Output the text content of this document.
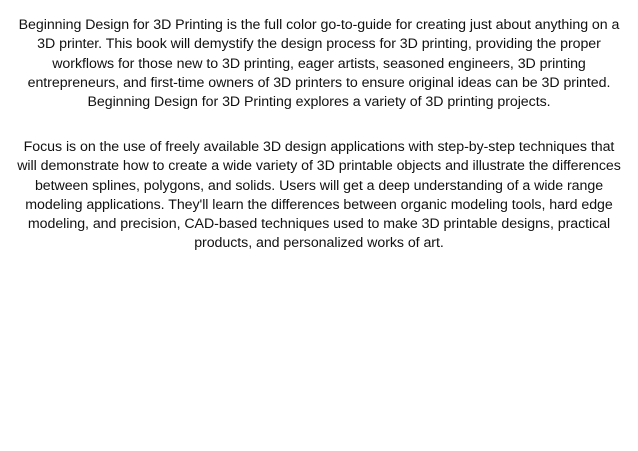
Beginning Design for 3D Printing is the full color go-to-guide for creating just about anything on a 3D printer. This book will demystify the design process for 3D printing, providing the proper workflows for those new to 3D printing, eager artists, seasoned engineers, 3D printing entrepreneurs, and first-time owners of 3D printers to ensure original ideas can be 3D printed. Beginning Design for 3D Printing explores a variety of 3D printing projects.

Focus is on the use of freely available 3D design applications with step-by-step techniques that will demonstrate how to create a wide variety of 3D printable objects and illustrate the differences between splines, polygons, and solids. Users will get a deep understanding of a wide range modeling applications. They'll learn the differences between organic modeling tools, hard edge modeling, and precision, CAD-based techniques used to make 3D printable designs, practical products, and personalized works of art.
